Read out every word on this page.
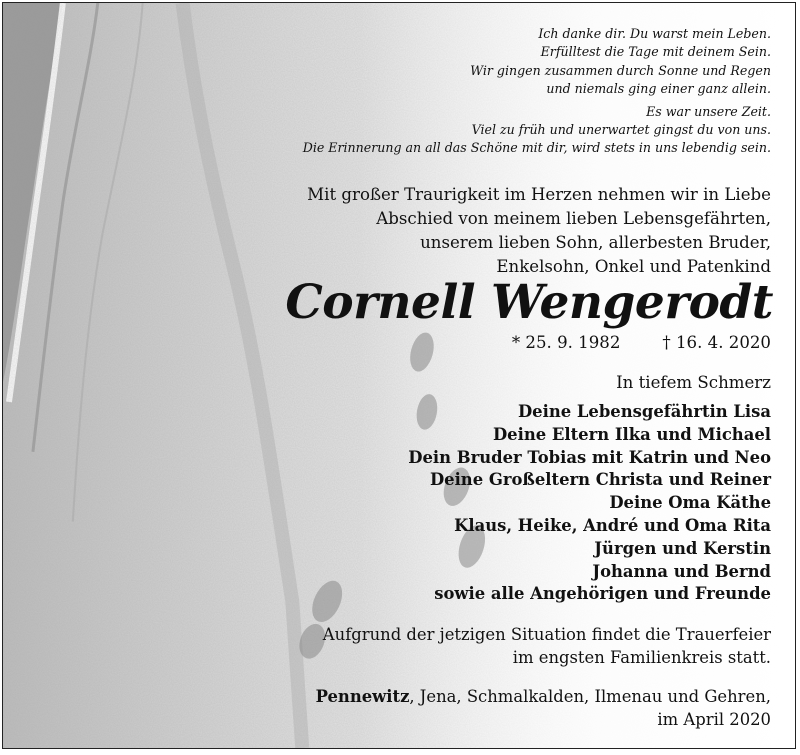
Ich danke dir. Du warst mein Leben.

Erfülltest die Tage mit deinem Sein.

Wir gingen zusammen durch Sonne und Regen

und niemals ging einer ganz allein.

Es war unsere Zeit.

Viel zu früh und unerwartet gingst du von uns.

Die Erinnerung an all das Schöne mit dir, wird stets in uns lebendig sein.

Mit großer Traurigkeit im Herzen nehmen wir in Liebe

Abschied von meinem lieben Lebensgefährten,

unserem lieben Sohn, allerbesten Bruder,

Enkelsohn, Onkel und Patenkind

Cornell Wengerodt
* 25. 9. 1982	† 16. 4. 2020
In tiefem Schmerz

Deine Lebensgefährtin Lisa

Deine Eltern Ilka und Michael

Dein Bruder Tobias mit Katrin und Neo

Deine Großeltern Christa und Reiner

Deine Oma Käthe

Klaus, Heike, André und Oma Rita

Jürgen und Kerstin

Johanna und Bernd

sowie alle Angehörigen und Freunde

Aufgrund der jetzigen Situation findet die Trauerfeier

im engsten Familienkreis statt.

Pennewitz, Jena, Schmalkalden, Ilmenau und Gehren,

im April 2020
